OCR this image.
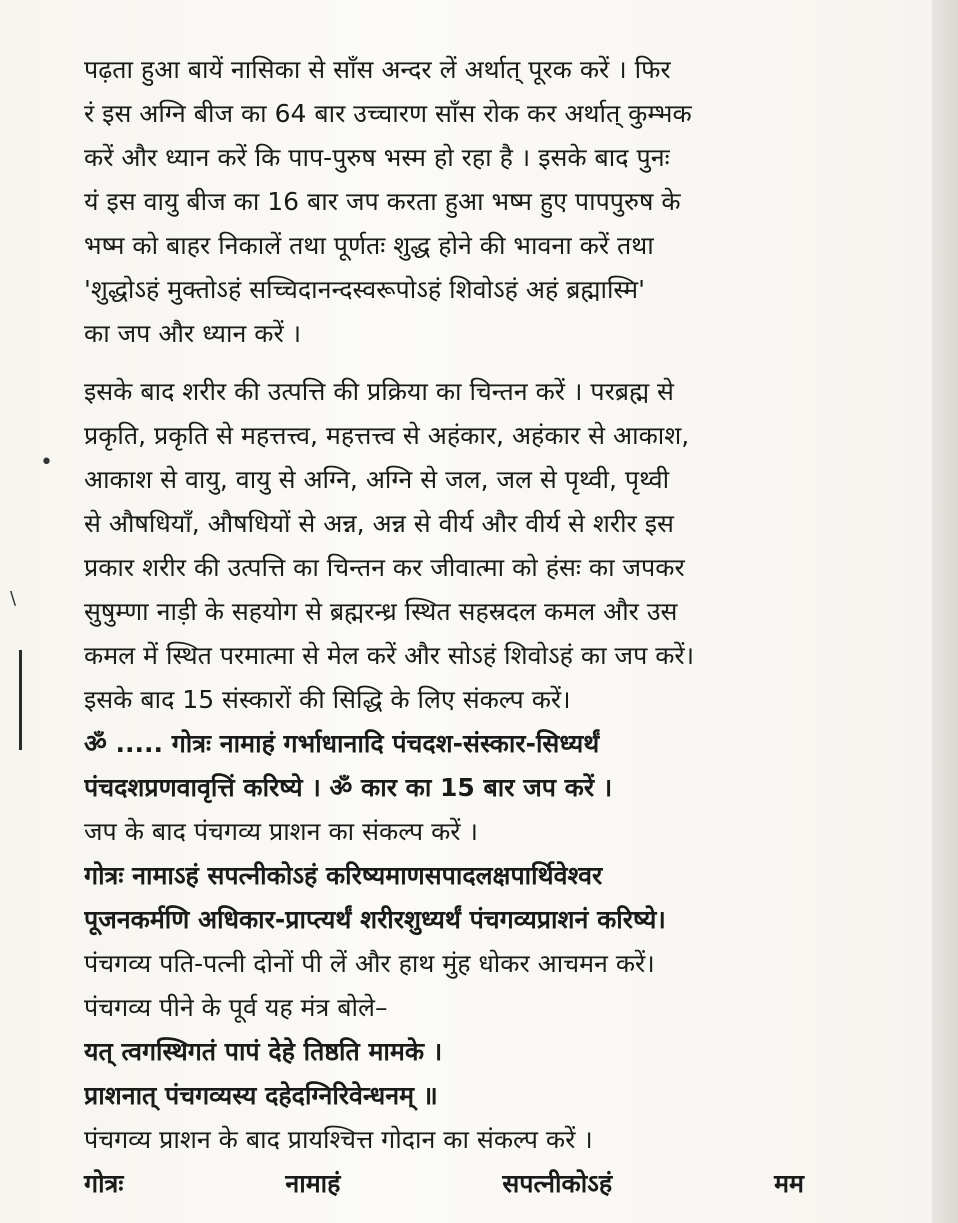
•
\
पढ़ता हुआ बायें नासिका से साँस अन्दर लें अर्थात् पूरक करें । फिर
रं इस अग्नि बीज का 64 बार उच्चारण साँस रोक कर अर्थात् कुम्भक
करें और ध्यान करें कि पाप-पुरुष भस्म हो रहा है । इसके बाद पुनः
यं इस वायु बीज का 16 बार जप करता हुआ भष्म हुए पापपुरुष के
भष्म को बाहर निकालें तथा पूर्णतः शुद्ध होने की भावना करें तथा
'शुद्धोऽहं मुक्तोऽहं सच्चिदानन्दस्वरूपोऽहं शिवोऽहं अहं ब्रह्मास्मि'
का जप और ध्यान करें ।
इसके बाद शरीर की उत्पत्ति की प्रक्रिया का चिन्तन करें । परब्रह्म से
प्रकृति, प्रकृति से महत्तत्त्व, महत्तत्त्व से अहंकार, अहंकार से आकाश,
आकाश से वायु, वायु से अग्नि, अग्नि से जल, जल से पृथ्वी, पृथ्वी
से औषधियाँ, औषधियों से अन्न, अन्न से वीर्य और वीर्य से शरीर इस
प्रकार शरीर की उत्पत्ति का चिन्तन कर जीवात्मा को हंसः का जपकर
सुषुम्णा नाड़ी के सहयोग से ब्रह्मरन्ध्र स्थित सहस्रदल कमल और उस
कमल में स्थित परमात्मा से मेल करें और सोऽहं शिवोऽहं का जप करें।
इसके बाद 15 संस्कारों की सिद्धि के लिए संकल्प करें।
ॐ ..... गोत्रः नामाहं गर्भाधानादि पंचदश-संस्कार-सिध्यर्थं
पंचदशप्रणवावृत्तिं करिष्ये । ॐ कार का 15 बार जप करें ।
जप के बाद पंचगव्य प्राशन का संकल्प करें ।
गोत्रः नामाऽहं सपत्नीकोऽहं करिष्यमाणसपादलक्षपार्थिवेश्वर
पूजनकर्मणि अधिकार-प्राप्त्यर्थं शरीरशुध्यर्थं पंचगव्यप्राशनं करिष्ये।
पंचगव्य पति-पत्नी दोनों पी लें और हाथ मुंह धोकर आचमन करें।
पंचगव्य पीने के पूर्व यह मंत्र बोले–
यत् त्वगस्थिगतं पापं देहे तिष्ठति मामके ।
प्राशनात् पंचगव्यस्य दहेदग्निरिवेन्धनम् ॥
पंचगव्य प्राशन के बाद प्रायश्चित्त गोदान का संकल्प करें ।
गोत्रः	नामाहं	सपत्नीकोऽहं	मम
